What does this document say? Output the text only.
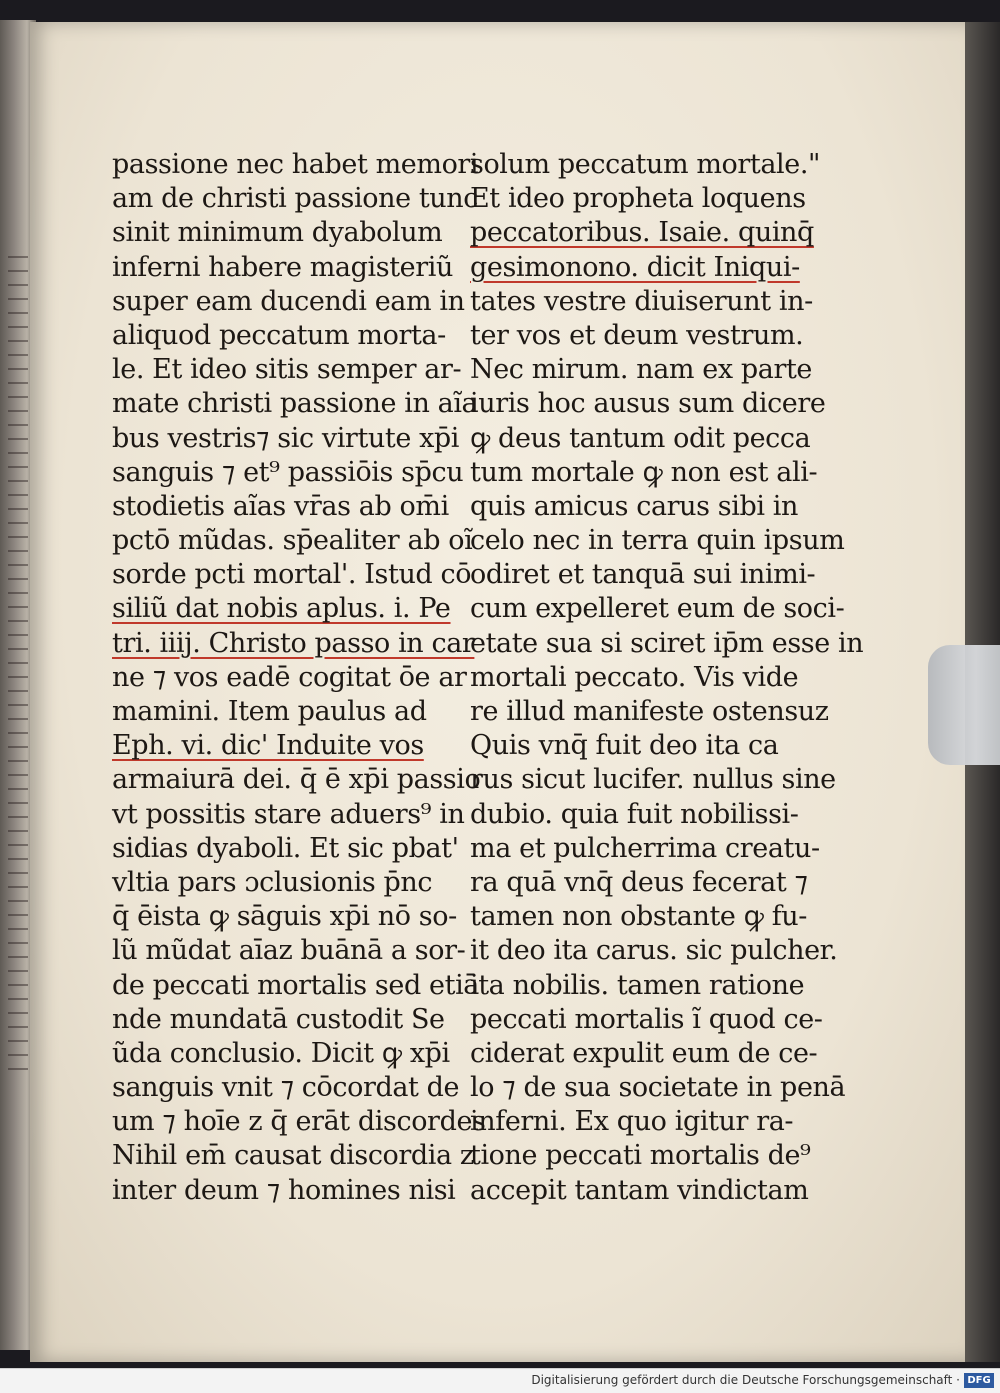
passione nec habet memori
am de christi passione tunc
sinit minimum dyabolum
inferni habere magisteriũ
super eam ducendi eam in
aliquod peccatum morta-
le. Et ideo sitis semper ar-
mate christi passione in aĩa
bus vestris⁊ sic virtute xp̄i
sanguis ⁊ et⁹ passiōis sp̄cu
stodietis aĩas vr̄as ab om̄i
pctō mũdas. sp̄ealiter ab oĩ
sorde pcti mortal'. Istud cō
siliũ dat nobis aplus. i. Pe
tri. iiij. Christo passo in car
ne ⁊ vos eadē cogitat ōe ar
mamini. Item paulus ad
Eph. vi. dic' Induite vos
armaiurā dei. q̄ ē xp̄i passio
vt possitis stare aduers⁹ in
sidias dyaboli. Et sic pbat'
vltia pars ɔclusionis p̄nc
q̄ ēista ꝙ sāguis xp̄i nō so-
lũ mũdat aīaz buānā a sor-
de peccati mortalis sed etiā
nde mundatā custodit Se
ũda conclusio. Dicit ꝙ xp̄i
sanguis vnit ⁊ cōcordat de
um ⁊ hoīe z q̄ erāt discordes
Nihil em̄ causat discordia z
inter deum ⁊ homines nisi
solum peccatum mortale."
Et ideo propheta loquens
peccatoribus. Isaie. quinq̄
gesimonono. dicit Iniqui-
tates vestre diuiserunt in-
ter vos et deum vestrum.
Nec mirum. nam ex parte
iuris hoc ausus sum dicere
ꝙ deus tantum odit pecca
tum mortale ꝙ non est ali-
quis amicus carus sibi in
celo nec in terra quin ipsum
odiret et tanquā sui inimi-
cum expelleret eum de soci-
etate sua si sciret ip̄m esse in
mortali peccato. Vis vide
re illud manifeste ostensuz
Quis vnq̄ fuit deo ita ca
rus sicut lucifer. nullus sine
dubio. quia fuit nobilissi-
ma et pulcherrima creatu-
ra quā vnq̄ deus fecerat ⁊
tamen non obstante ꝙ fu-
it deo ita carus. sic pulcher.
ita nobilis. tamen ratione
peccati mortalis ĩ quod ce-
ciderat expulit eum de ce-
lo ⁊ de sua societate in penā
inferni. Ex quo igitur ra-
tione peccati mortalis de⁹
accepit tantam vindictam
Digitalisierung gefördert durch die Deutsche Forschungsgemeinschaft · DFG
